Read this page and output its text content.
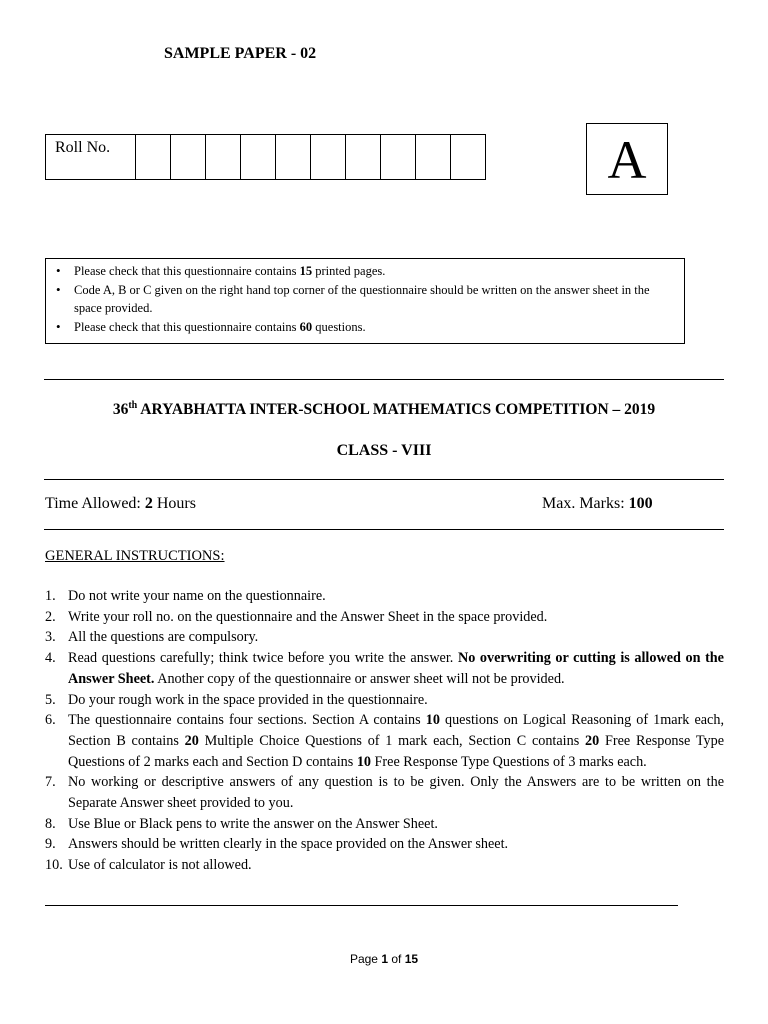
SAMPLE PAPER - 02
Roll No.											A
• Please check that this questionnaire contains 15 printed pages.
• Code A, B or C given on the right hand top corner of the questionnaire should be written on the answer sheet in the space provided.
• Please check that this questionnaire contains 60 questions.
36th ARYABHATTA INTER-SCHOOL MATHEMATICS COMPETITION – 2019
CLASS - VIII
Time Allowed: 2 Hours	Max. Marks: 100
GENERAL INSTRUCTIONS:
1. Do not write your name on the questionnaire.
2. Write your roll no. on the questionnaire and the Answer Sheet in the space provided.
3. All the questions are compulsory.
4. Read questions carefully; think twice before you write the answer. No overwriting or cutting is allowed on the Answer Sheet. Another copy of the questionnaire or answer sheet will not be provided.
5. Do your rough work in the space provided in the questionnaire.
6. The questionnaire contains four sections. Section A contains 10 questions on Logical Reasoning of 1mark each, Section B contains 20 Multiple Choice Questions of 1 mark each, Section C contains 20 Free Response Type Questions of 2 marks each and Section D contains 10 Free Response Type Questions of 3 marks each.
7. No working or descriptive answers of any question is to be given. Only the Answers are to be written on the Separate Answer sheet provided to you.
8. Use Blue or Black pens to write the answer on the Answer Sheet.
9. Answers should be written clearly in the space provided on the Answer sheet.
10. Use of calculator is not allowed.
Page 1 of 15
